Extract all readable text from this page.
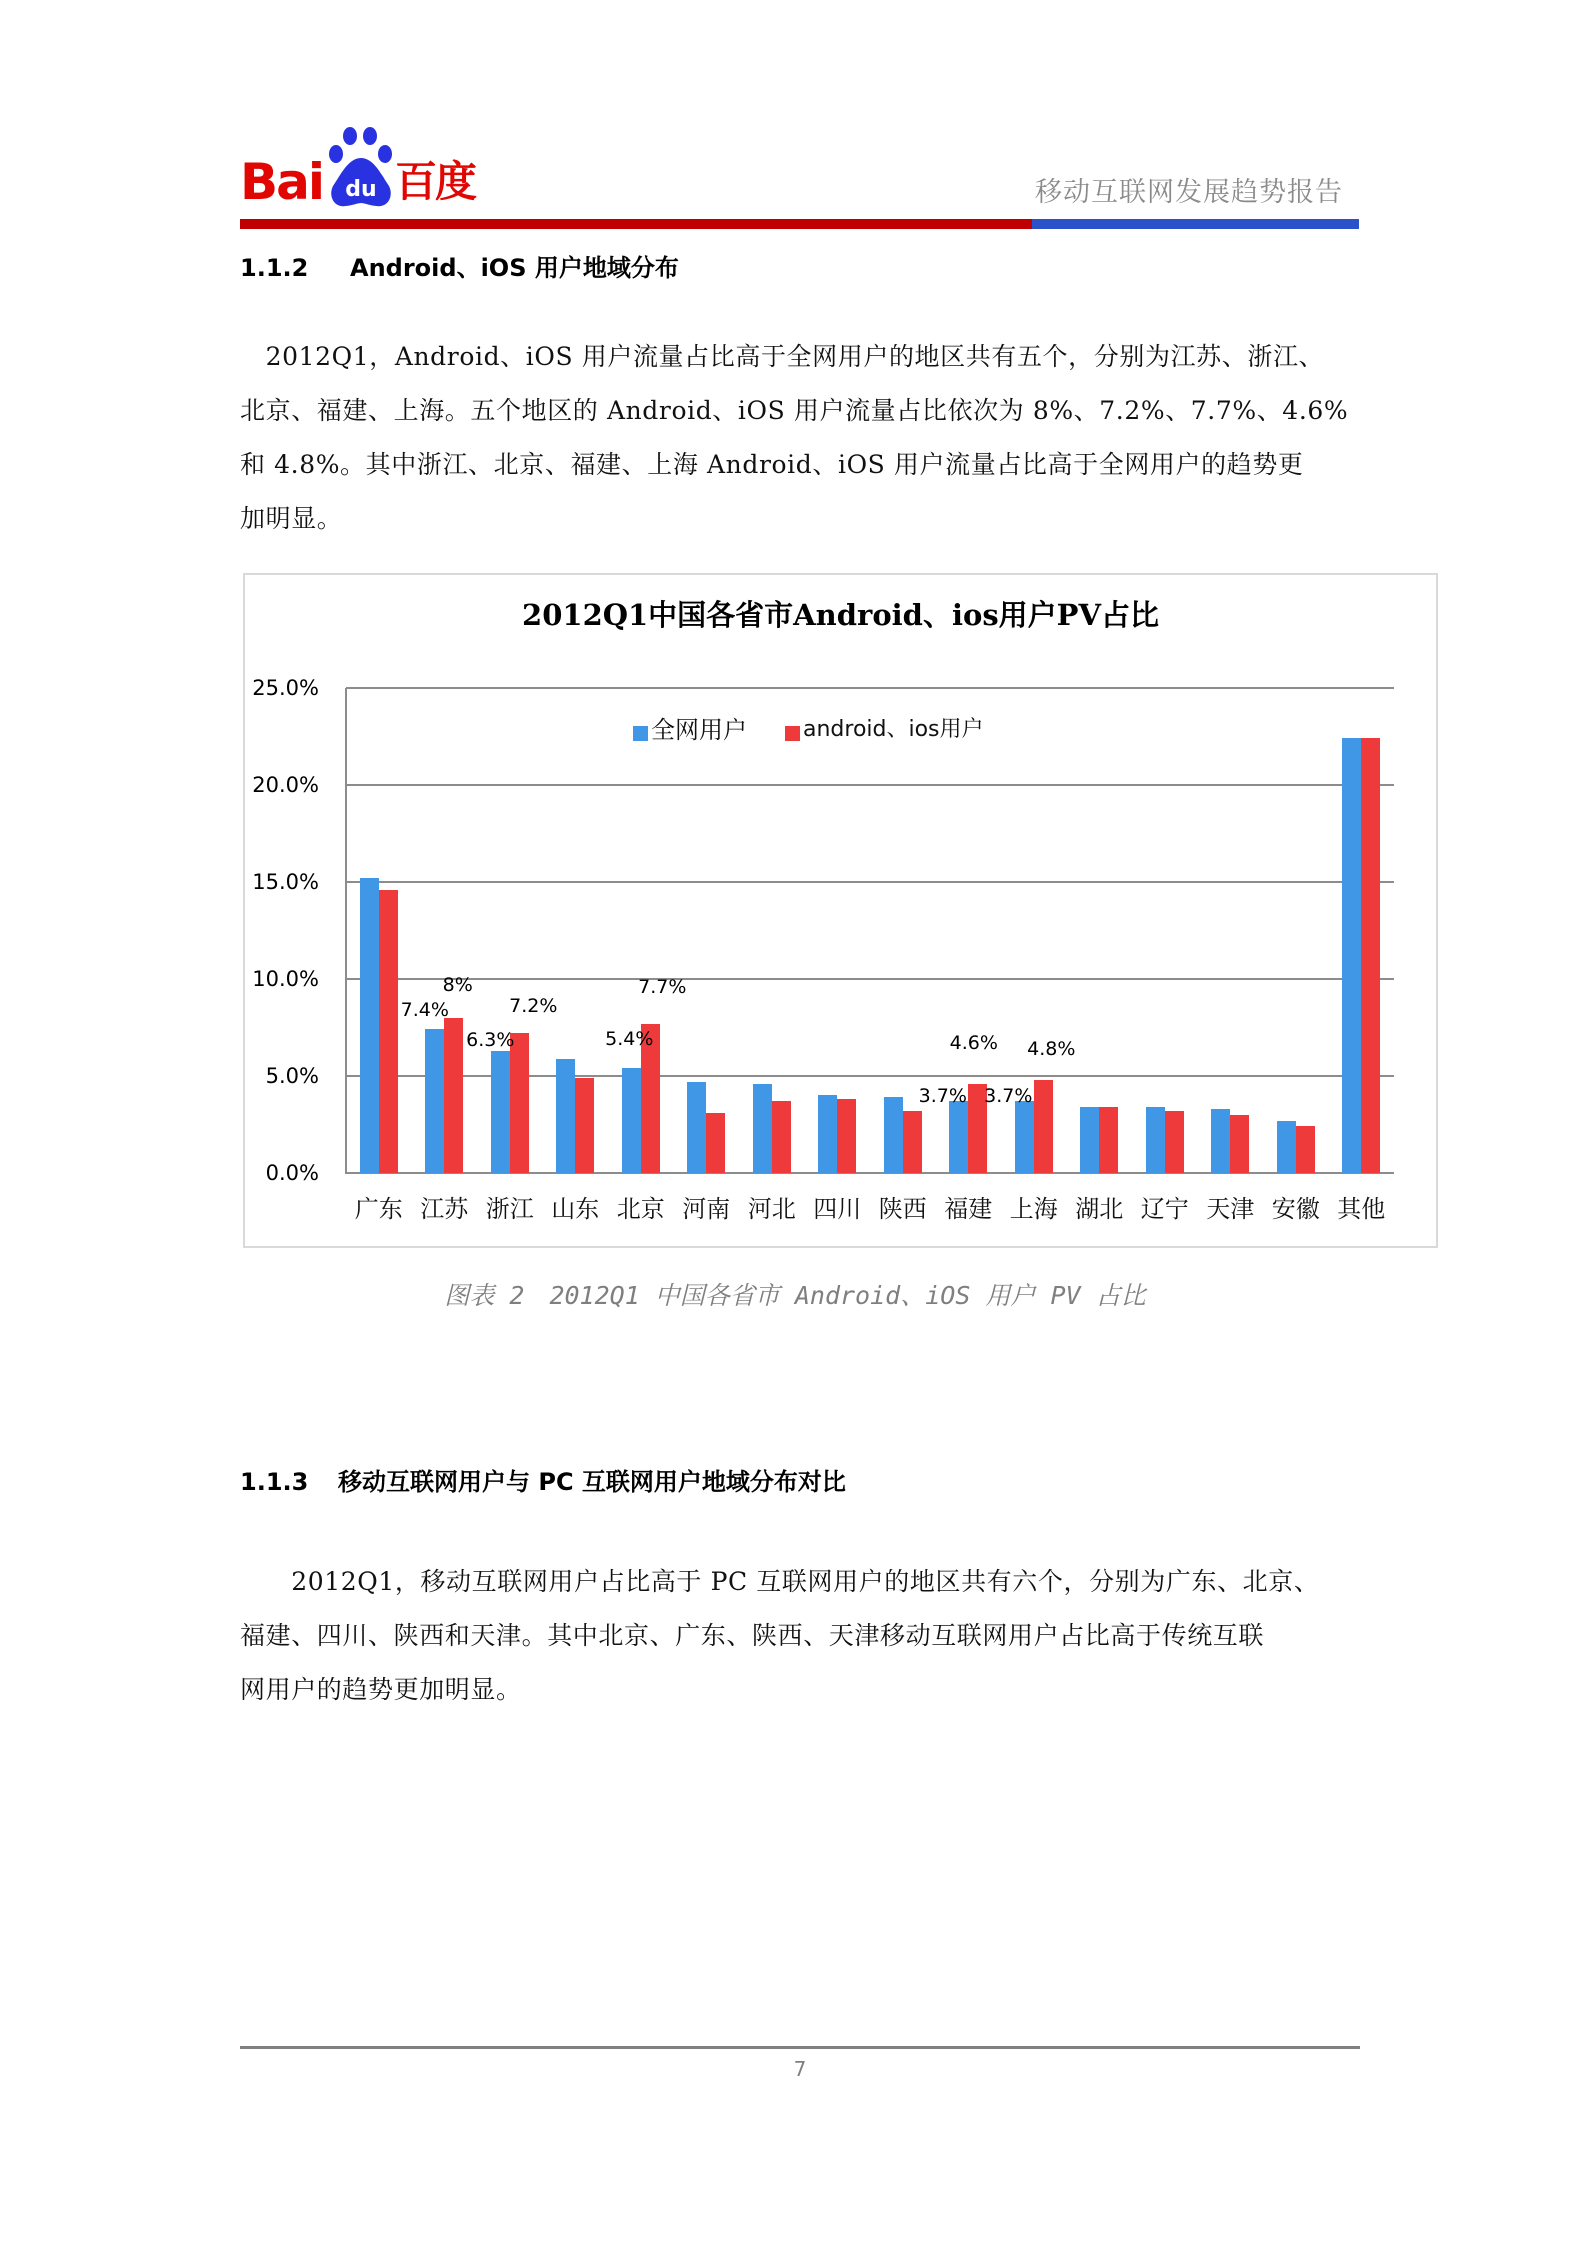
Bai du 百度	移动互联网发展趋势报告
1.1.2 Android、iOS 用户地域分布

　2012Q1，Android、iOS 用户流量占比高于全网用户的地区共有五个，分别为江苏、浙江、

北京、福建、上海。五个地区的 Android、iOS 用户流量占比依次为 8%、7.2%、7.7%、4.6%

和 4.8%。其中浙江、北京、福建、上海 Android、iOS 用户流量占比高于全网用户的趋势更

加明显。

2012Q1中国各省市Android、ios用户PV占比
0.0%
5.0%
10.0%
15.0%
20.0%
25.0%
广东 江苏 浙江 山东 北京 河南 河北 四川 陕西 福建 上海 湖北 辽宁 天津 安徽 其他
7.4%
8%
6.3%
7.2%
5.4%
7.7%
3.7%
4.6%
3.7%
4.8%
全网用户	android、ios用户
图表 2　2012Q1 中国各省市 Android、iOS 用户 PV 占比
1.1.3 移动互联网用户与 PC 互联网用户地域分布对比

　　2012Q1，移动互联网用户占比高于 PC 互联网用户的地区共有六个，分别为广东、北京、

福建、四川、陕西和天津。其中北京、广东、陕西、天津移动互联网用户占比高于传统互联

网用户的趋势更加明显。

7
